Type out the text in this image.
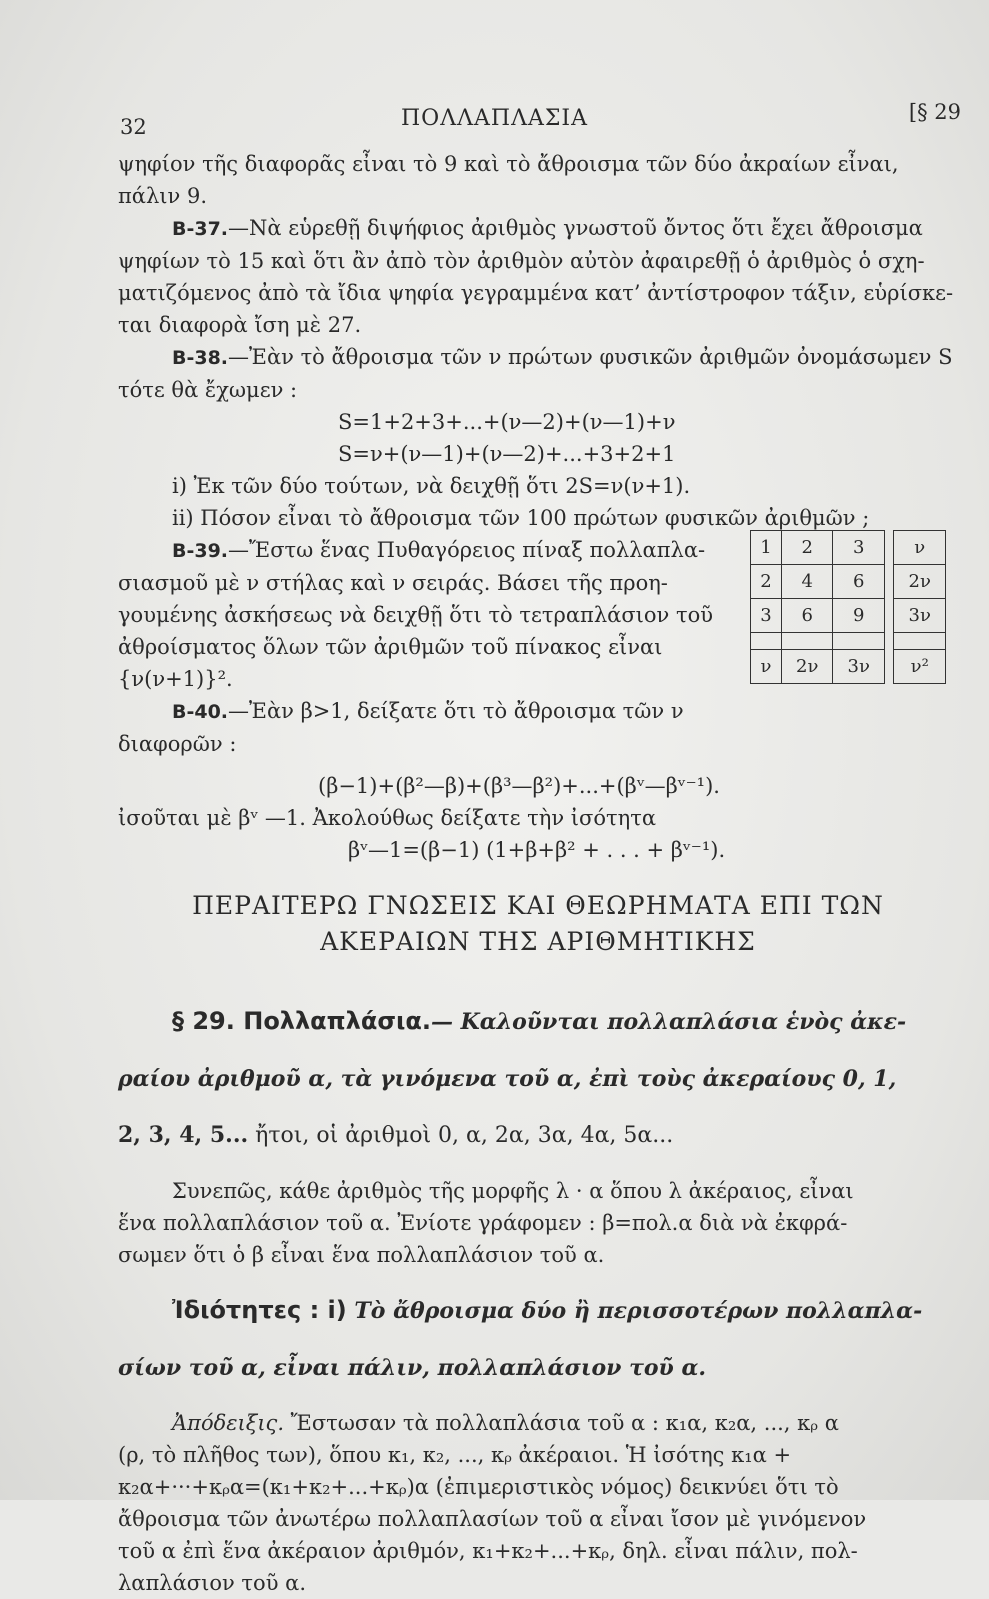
32	ΠΟΛΛΑΠΛΑΣΙΑ	[§ 29

ψηφίον τῆς διαφορᾶς εἶναι τὸ 9 καὶ τὸ ἄθροισμα τῶν δύο ἀκραίων εἶναι,

πάλιν 9.

Β-37.—Νὰ εὑρεθῇ διψήφιος ἀριθμὸς γνωστοῦ ὄντος ὅτι ἔχει ἄθροισμα

ψηφίων τὸ 15 καὶ ὅτι ἂν ἀπὸ τὸν ἀριθμὸν αὐτὸν ἀφαιρεθῇ ὁ ἀριθμὸς ὁ σχη-

ματιζόμενος ἀπὸ τὰ ἴδια ψηφία γεγραμμένα κατ’ ἀντίστροφον τάξιν, εὑρίσκε-

ται διαφορὰ ἴση μὲ 27.

Β-38.—Ἐὰν τὸ ἄθροισμα τῶν ν πρώτων φυσικῶν ἀριθμῶν ὀνομάσωμεν S

τότε θὰ ἔχωμεν :

S=1+2+3+...+(ν—2)+(ν—1)+ν

S=ν+(ν—1)+(ν—2)+...+3+2+1

i) Ἐκ τῶν δύο τούτων, νὰ δειχθῇ ὅτι 2S=ν(ν+1).

ii) Πόσον εἶναι τὸ ἄθροισμα τῶν 100 πρώτων φυσικῶν ἀριθμῶν ;

Β-39.—Ἔστω ἕνας Πυθαγόρειος πίναξ πολλαπλα-

σιασμοῦ μὲ ν στήλας καὶ ν σειράς. Βάσει τῆς προη-

γουμένης ἀσκήσεως νὰ δειχθῇ ὅτι τὸ τετραπλάσιον τοῦ

ἀθροίσματος ὅλων τῶν ἀριθμῶν τοῦ πίνακος εἶναι

{ν(ν+1)}².

Β-40.—Ἐὰν β>1, δείξατε ὅτι τὸ ἄθροισμα τῶν ν

διαφορῶν :

(β−1)+(β²—β)+(β³—β²)+...+(βᵛ—βᵛ⁻¹).

ἰσοῦται μὲ βᵛ —1. Ἀκολούθως δείξατε τὴν ἰσότητα

βᵛ—1=(β−1) (1+β+β² + . . . + βᵛ⁻¹).

ΠΕΡΑΙΤΕΡΩ ΓΝΩΣΕΙΣ ΚΑΙ ΘΕΩΡΗΜΑΤΑ ΕΠΙ ΤΩΝ

ΑΚΕΡΑΙΩΝ ΤΗΣ ΑΡΙΘΜΗΤΙΚΗΣ

§ 29. Πολλαπλάσια.— Καλοῦνται πολλαπλάσια ἑνὸς ἀκε-

ραίου ἀριθμοῦ α, τὰ γινόμενα τοῦ α, ἐπὶ τοὺς ἀκεραίους 0, 1,

2, 3, 4, 5... ἤτοι, οἱ ἀριθμοὶ 0, α, 2α, 3α, 4α, 5α...

Συνεπῶς, κάθε ἀριθμὸς τῆς μορφῆς λ · α ὅπου λ ἀκέραιος, εἶναι

ἕνα πολλαπλάσιον τοῦ α. Ἐνίοτε γράφομεν : β=πολ.α διὰ νὰ ἐκφρά-

σωμεν ὅτι ὁ β εἶναι ἕνα πολλαπλάσιον τοῦ α.

Ἰδιότητες : i) Τὸ ἄθροισμα δύο ἢ περισσοτέρων πολλαπλα-

σίων τοῦ α, εἶναι πάλιν, πολλαπλάσιον τοῦ α.

Ἀπόδειξις. Ἔστωσαν τὰ πολλαπλάσια τοῦ α : κ₁α, κ₂α, ..., κᵨ α

(ρ, τὸ πλῆθος των), ὅπου κ₁, κ₂, ..., κᵨ ἀκέραιοι. Ἡ ἰσότης κ₁α +

κ₂α+···+κᵨα=(κ₁+κ₂+...+κᵨ)α (ἐπιμεριστικὸς νόμος) δεικνύει ὅτι τὸ

ἄθροισμα τῶν ἀνωτέρω πολλαπλασίων τοῦ α εἶναι ἴσον μὲ γινόμενον

τοῦ α ἐπὶ ἕνα ἀκέραιον ἀριθμόν, κ₁+κ₂+...+κᵨ, δηλ. εἶναι πάλιν, πολ-

λαπλάσιον τοῦ α.

1	2	3		ν
2	4	6		2ν
3	6	9		3ν

ν	2ν	3ν		ν²
